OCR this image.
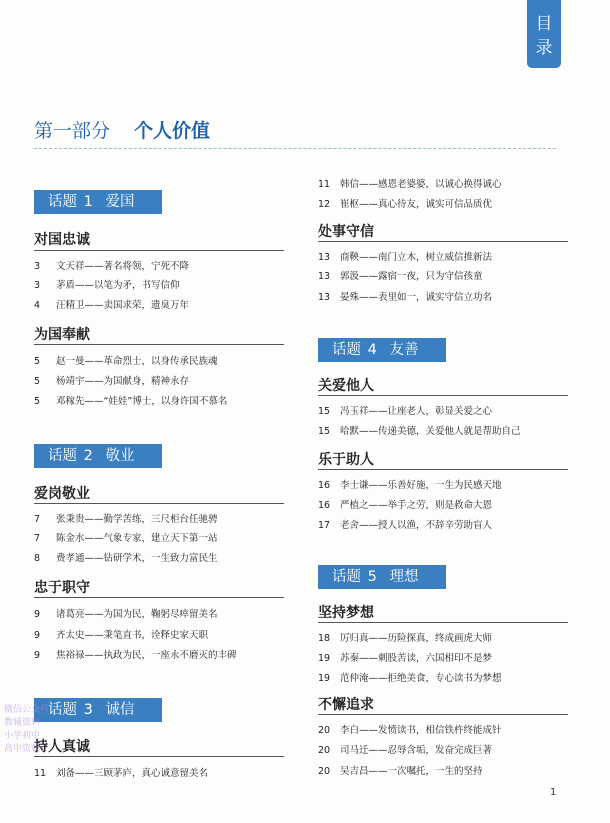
目
录
第一部分 个人价值
话题 1 爱国
对国忠诚
3 文天祥——著名将领，宁死不降
3 茅盾——以笔为矛，书写信仰
4 汪精卫——卖国求荣，遗臭万年
为国奉献
5 赵一曼——革命烈士，以身传承民族魂
5 杨靖宇——为国献身，精神永存
5 邓稼先——“娃娃”博士，以身许国不慕名
话题 2 敬业
爱岗敬业
7 张秉贵——勤学苦练，三尺柜台任驰骋
7 陈金水——气象专家，建立天下第一站
8 费孝通——钻研学术，一生致力富民生
忠于职守
9 诸葛亮——为国为民，鞠躬尽瘁留美名
9 齐太史——秉笔直书，诠释史家天职
9 焦裕禄——执政为民，一座永不磨灭的丰碑
话题 3 诚信
持人真诚
11 刘备——三顾茅庐，真心诚意留美名
11 韩信——感恩老婆婆，以诚心换得诚心
12 崔枢——真心待友，诚实可信品质优
处事守信
13 商鞅——南门立木，树立威信推新法
13 郭汲——露宿一夜，只为守信孩童
13 晏殊——表里如一，诚实守信立功名
话题 4 友善
关爱他人
15 冯玉祥——让座老人，彰显关爱之心
15 哈默——传递美德，关爱他人就是帮助自己
乐于助人
16 李士谦——乐善好施，一生为民感天地
16 严植之——举手之劳，则是救命大恩
17 老舍——授人以渔，不辞辛劳助盲人
话题 5 理想
坚持梦想
18 厉归真——历险探真，终成画虎大师
19 苏秦——刺股苦读，六国相印不是梦
19 范仲淹——拒绝美食，专心读书为梦想
不懈追求
20 李白——发愤读书，相信铁杵终能成针
20 司马迁——忍辱含垢，发奋完成巨著
20 吴吉昌——一次嘱托，一生的坚持
微信公众号
教辅资料
小学初中
高中资料
1
